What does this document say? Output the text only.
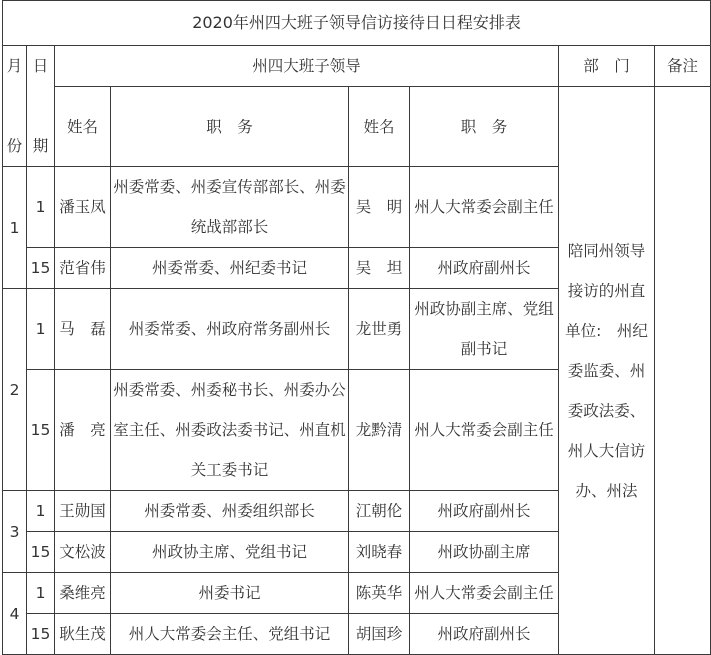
2020年州四大班子领导信访接待日日程安排表							

月
份	日
期	州四大班子领导				部　门	备注
		姓名	职　务	姓名	职　务	陪同州领导接访的州直单位:　州纪委监委、州委政法委、州人大信访办、州法	
1	1	潘玉凤	州委常委、州委宣传部部长、州委统战部部长	吴　明	州人大常委会副主任		
	15	范省伟	州委常委、州纪委书记	吴　坦	州政府副州长		
2	1	马　磊	州委常委、州政府常务副州长	龙世勇	州政协副主席、党组副书记		
	15	潘　亮	州委常委、州委秘书长、州委办公室主任、州委政法委书记、州直机关工委书记	龙黔清	州人大常委会副主任		
3	1	王勋国	州委常委、州委组织部长	江朝伦	州政府副州长		
	15	文松波	州政协主席、党组书记	刘晓春	州政协副主席		
4	1	桑维亮	州委书记	陈英华	州人大常委会副主任		
	15	耿生茂	州人大常委会主任、党组书记	胡国珍	州政府副州长		
